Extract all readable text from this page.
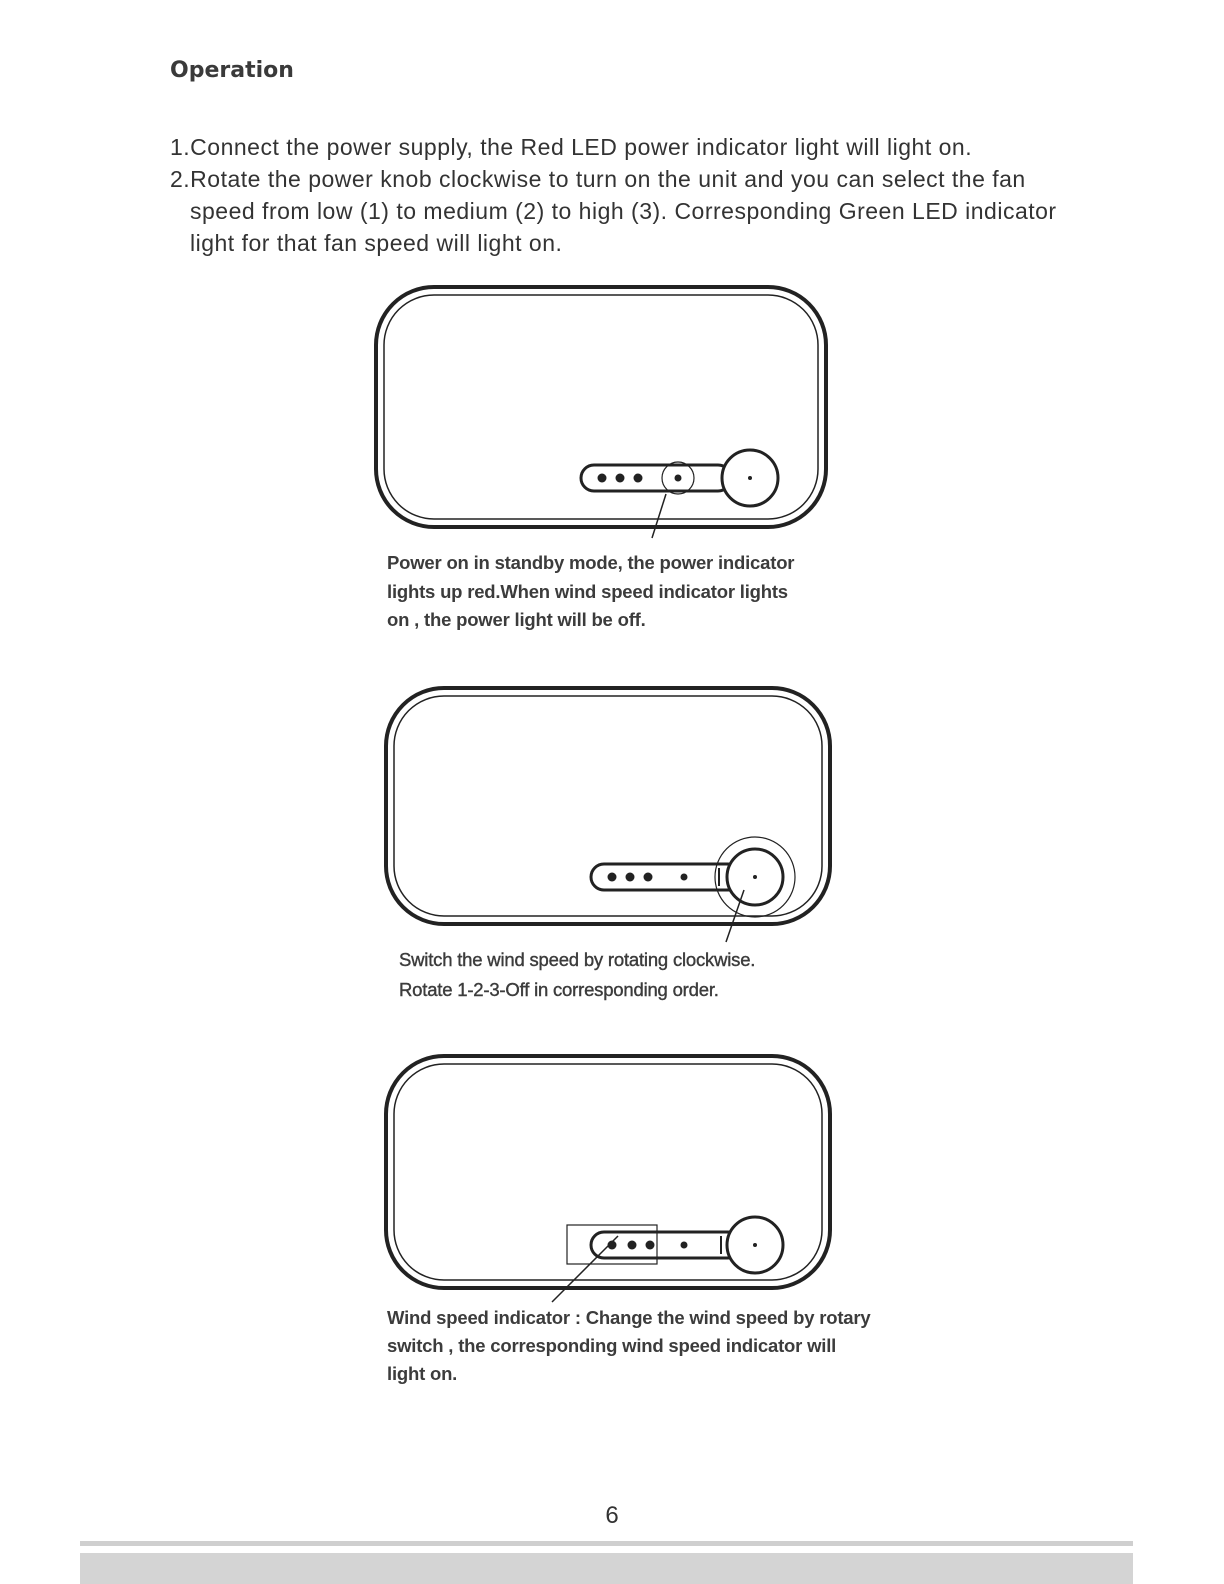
Operation

1.Connect the power supply, the Red LED power indicator light will light on.

2.Rotate the power knob clockwise to turn on the unit and you can select the fan speed from low (1) to medium (2) to high (3). Corresponding Green LED indicator light for that fan speed will light on.

Power on in standby mode, the power indicator
lights up red.When wind speed indicator lights
on , the power light will be off.
Switch the wind speed by rotating clockwise.
Rotate 1-2-3-Off in corresponding order.
Wind speed indicator : Change the wind speed by rotary
switch , the corresponding wind speed indicator will
light on.
6
